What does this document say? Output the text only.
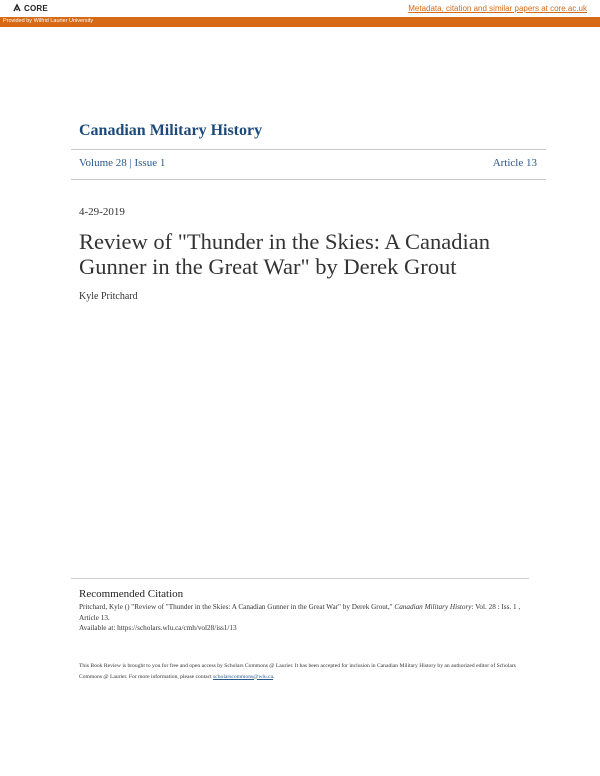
CORE	Metadata, citation and similar papers at core.ac.uk
Provided by Wilfrid Laurier University
Canadian Military History
Volume 28 | Issue 1	Article 13
4-29-2019
Review of "Thunder in the Skies: A Canadian Gunner in the Great War" by Derek Grout
Kyle Pritchard
Recommended Citation
Pritchard, Kyle () "Review of "Thunder in the Skies: A Canadian Gunner in the Great War" by Derek Grout," Canadian Military History: Vol. 28 : Iss. 1 , Article 13.
Available at: https://scholars.wlu.ca/cmh/vol28/iss1/13
This Book Review is brought to you for free and open access by Scholars Commons @ Laurier. It has been accepted for inclusion in Canadian Military History by an authorized editor of Scholars Commons @ Laurier. For more information, please contact scholarscommons@wlu.ca.
